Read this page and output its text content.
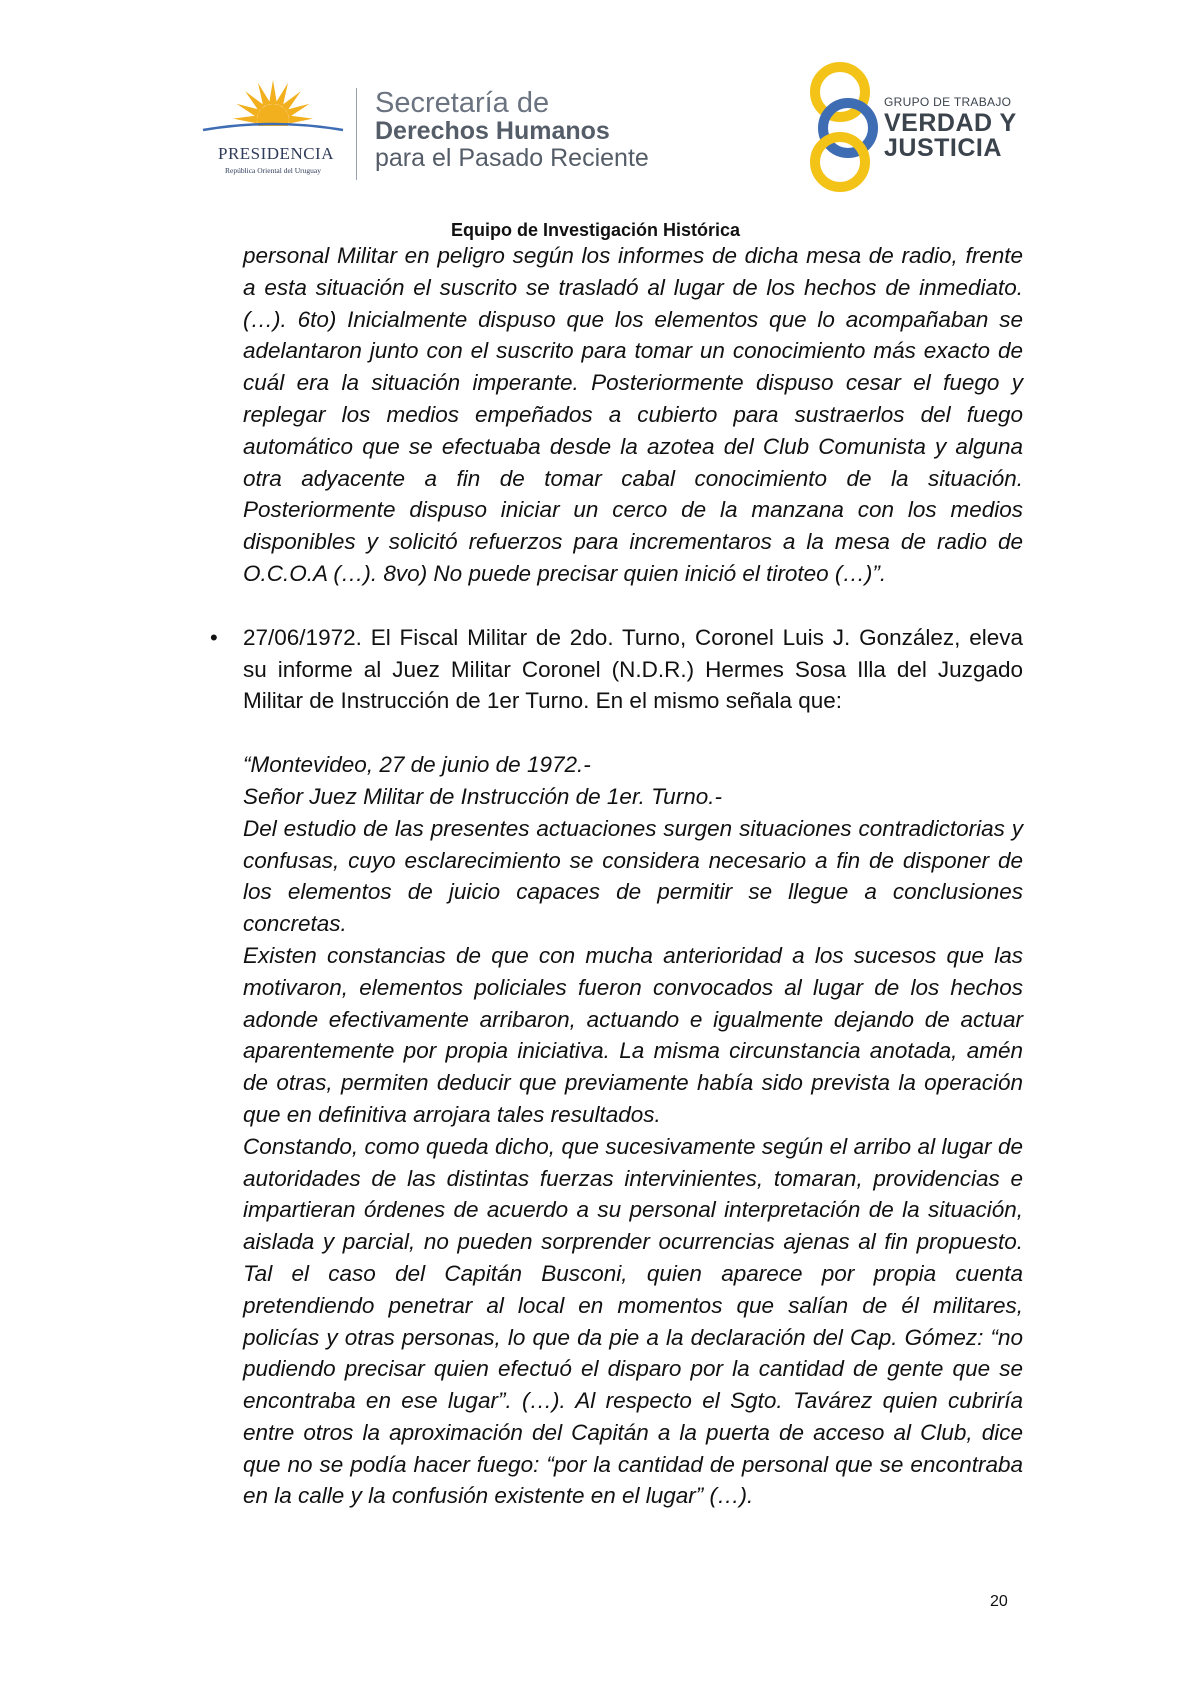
PRESIDENCIA
República Oriental del Uruguay
Secretaría de
Derechos Humanos
para el Pasado Reciente
GRUPO DE TRABAJO
VERDAD Y
JUSTICIA
Equipo de Investigación Histórica

personal Militar en peligro según los informes de dicha mesa de radio, frente a esta situación el suscrito se trasladó al lugar de los hechos de inmediato. (…). 6to) Inicialmente dispuso que los elementos que lo acompañaban se adelantaron junto con el suscrito para tomar un conocimiento más exacto de cuál era la situación imperante. Posteriormente dispuso cesar el fuego y replegar los medios empeñados a cubierto para sustraerlos del fuego automático que se efectuaba desde la azotea del Club Comunista y alguna otra adyacente a fin de tomar cabal conocimiento de la situación. Posteriormente dispuso iniciar un cerco de la manzana con los medios disponibles y solicitó refuerzos para incrementaros a la mesa de radio de O.C.O.A (…). 8vo) No puede precisar quien inició el tiroteo (…)”.

• 27/06/1972. El Fiscal Militar de 2do. Turno, Coronel Luis J. González, eleva su informe al Juez Militar Coronel (N.D.R.) Hermes Sosa Illa del Juzgado Militar de Instrucción de 1er Turno. En el mismo señala que:

“Montevideo, 27 de junio de 1972.-

Señor Juez Militar de Instrucción de 1er. Turno.-

Del estudio de las presentes actuaciones surgen situaciones contradictorias y confusas, cuyo esclarecimiento se considera necesario a fin de disponer de los elementos de juicio capaces de permitir se llegue a conclusiones concretas.

Existen constancias de que con mucha anterioridad a los sucesos que las motivaron, elementos policiales fueron convocados al lugar de los hechos adonde efectivamente arribaron, actuando e igualmente dejando de actuar aparentemente por propia iniciativa. La misma circunstancia anotada, amén de otras, permiten deducir que previamente había sido prevista la operación que en definitiva arrojara tales resultados.

Constando, como queda dicho, que sucesivamente según el arribo al lugar de autoridades de las distintas fuerzas intervinientes, tomaran, providencias e impartieran órdenes de acuerdo a su personal interpretación de la situación, aislada y parcial, no pueden sorprender ocurrencias ajenas al fin propuesto. Tal el caso del Capitán Busconi, quien aparece por propia cuenta pretendiendo penetrar al local en momentos que salían de él militares, policías y otras personas, lo que da pie a la declaración del Cap. Gómez: “no pudiendo precisar quien efectuó el disparo por la cantidad de gente que se encontraba en ese lugar”. (…). Al respecto el Sgto. Tavárez quien cubriría entre otros la aproximación del Capitán a la puerta de acceso al Club, dice que no se podía hacer fuego: “por la cantidad de personal que se encontraba en la calle y la confusión existente en el lugar” (…).

20
